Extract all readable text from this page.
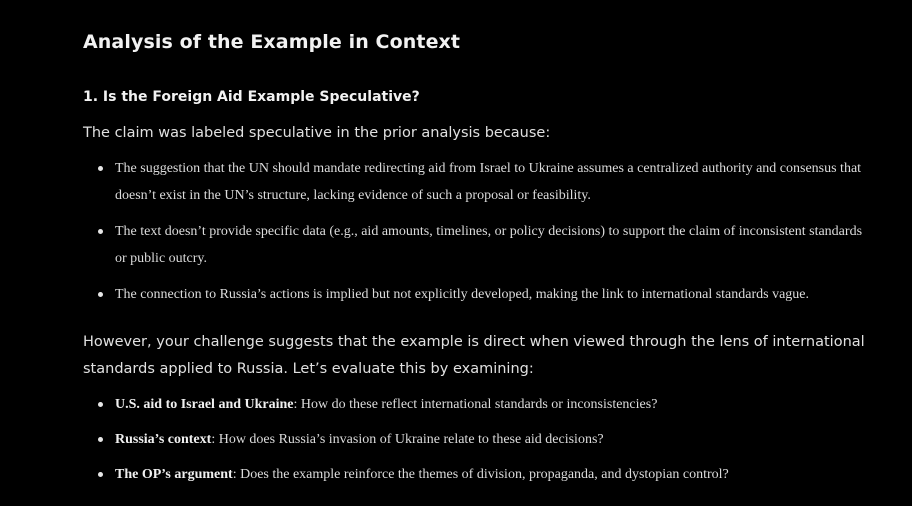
Analysis of the Example in Context
1. Is the Foreign Aid Example Speculative?

The claim was labeled speculative in the prior analysis because:

The suggestion that the UN should mandate redirecting aid from Israel to Ukraine assumes a centralized authority and consensus that doesn’t exist in the UN’s structure, lacking evidence of such a proposal or feasibility.
The text doesn’t provide specific data (e.g., aid amounts, timelines, or policy decisions) to support the claim of inconsistent standards or public outcry.
The connection to Russia’s actions is implied but not explicitly developed, making the link to international standards vague.

However, your challenge suggests that the example is direct when viewed through the lens of international standards applied to Russia. Let’s evaluate this by examining:

U.S. aid to Israel and Ukraine: How do these reflect international standards or inconsistencies?
Russia’s context: How does Russia’s invasion of Ukraine relate to these aid decisions?
The OP’s argument: Does the example reinforce the themes of division, propaganda, and dystopian control?
